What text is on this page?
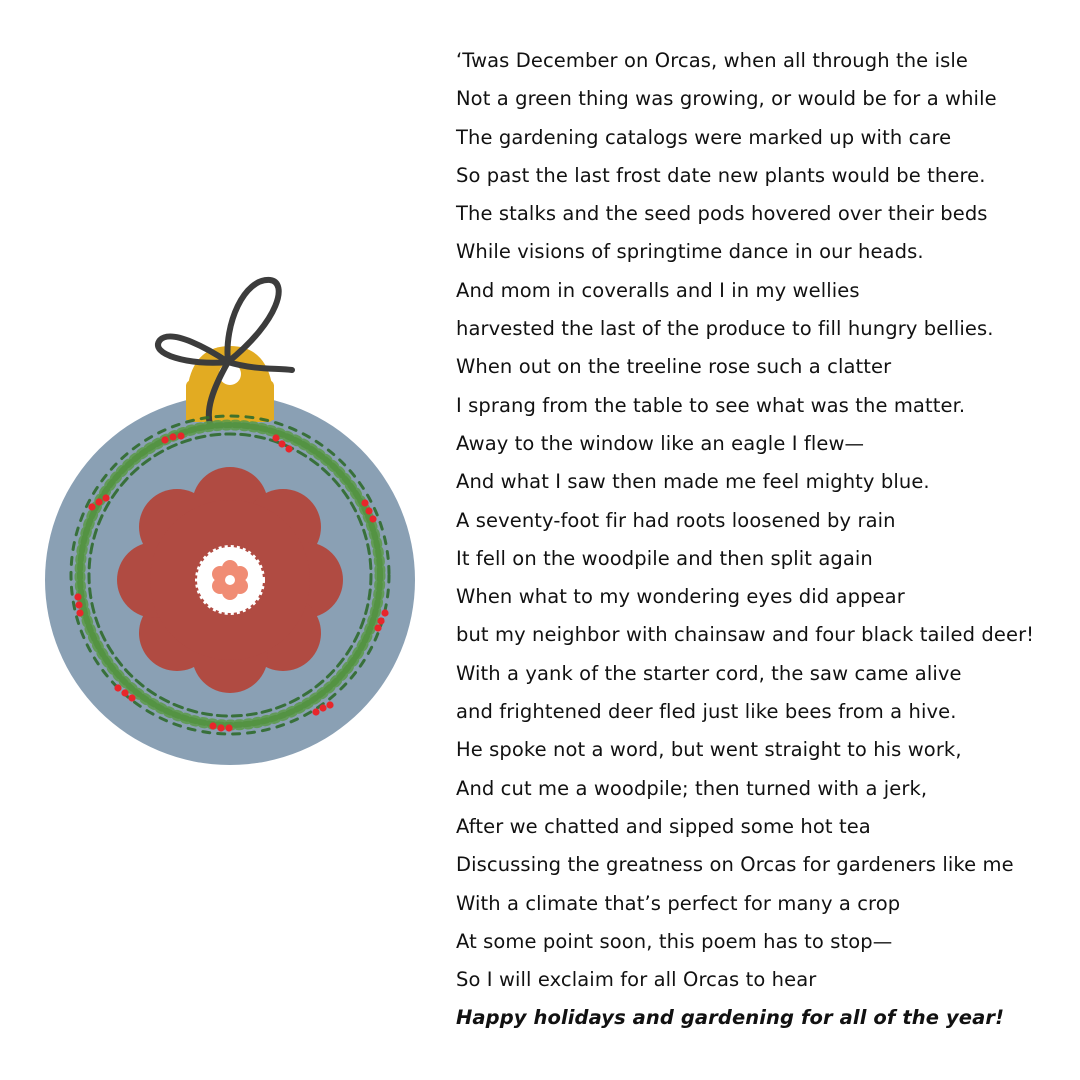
‘Twas December on Orcas, when all through the isle
Not a green thing was growing, or would be for a while
The gardening catalogs were marked up with care
So past the last frost date new plants would be there.
The stalks and the seed pods hovered over their beds
While visions of springtime dance in our heads.
And mom in coveralls and I in my wellies
harvested the last of the produce to fill hungry bellies.
When out on the treeline rose such a clatter
I sprang from the table to see what was the matter.
Away to the window like an eagle I flew—
And what I saw then made me feel mighty blue.
A seventy-foot fir had roots loosened by rain
It fell on the woodpile and then split again
When what to my wondering eyes did appear
but my neighbor with chainsaw and four black tailed deer!
With a yank of the starter cord, the saw came alive
and frightened deer fled just like bees from a hive.
He spoke not a word, but went straight to his work,
And cut me a woodpile; then turned with a jerk,
After we chatted and sipped some hot tea
Discussing the greatness on Orcas for gardeners like me
With a climate that’s perfect for many a crop
At some point soon, this poem has to stop—
So I will exclaim for all Orcas to hear
Happy holidays and gardening for all of the year!
